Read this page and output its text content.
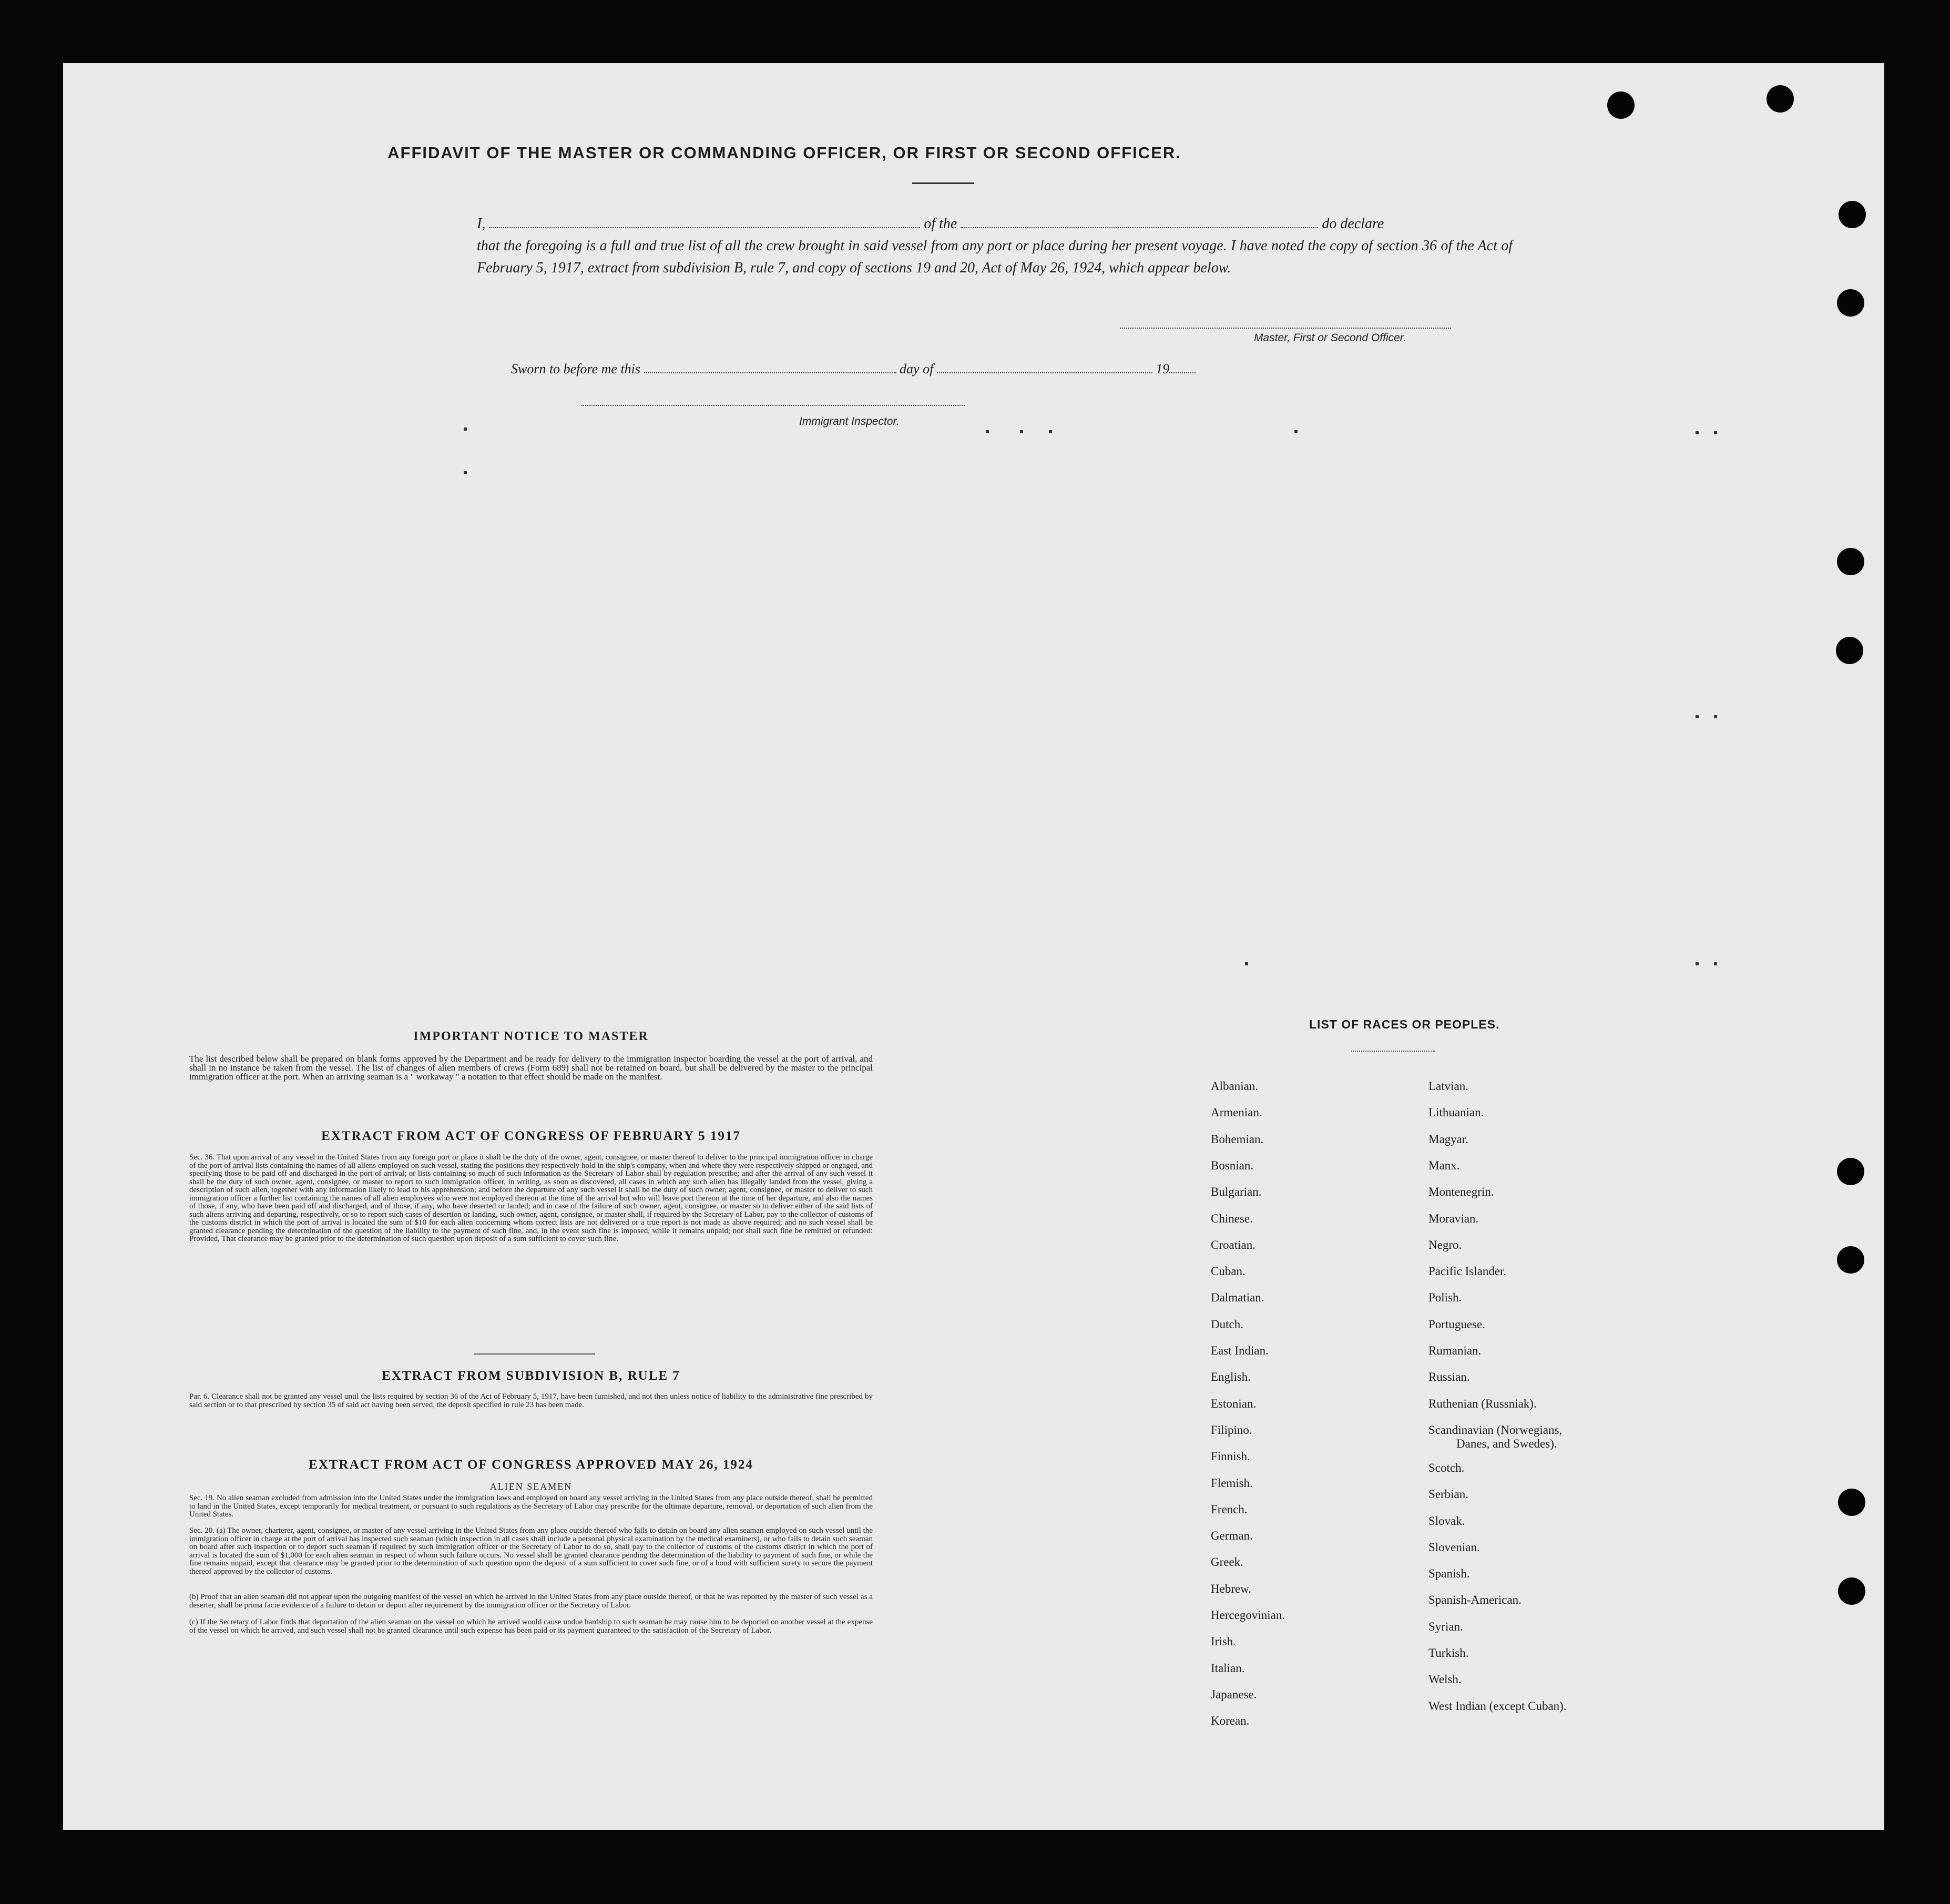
AFFIDAVIT OF THE MASTER OR COMMANDING OFFICER, OR FIRST OR SECOND OFFICER.
I,	of the	do declare
that the foregoing is a full and true list of all the crew brought in said vessel from any port or place during her present voyage. I have noted the copy of section 36 of the Act of February 5, 1917, extract from subdivision B, rule 7, and copy of sections 19 and 20, Act of May 26, 1924, which appear below.
Master, First or Second Officer.
Sworn to before me this	day of	19
Immigrant Inspector.
IMPORTANT NOTICE TO MASTER
The list described below shall be prepared on blank forms approved by the Department and be ready for delivery to the immigration inspector boarding the vessel at the port of arrival, and shall in no instance be taken from the vessel. The list of changes of alien members of crews (Form 689) shall not be retained on board, but shall be delivered by the master to the principal immigration officer at the port. When an arriving seaman is a " workaway " a notation to that effect should be made on the manifest.
EXTRACT FROM ACT OF CONGRESS OF FEBRUARY 5 1917
Sec. 36. That upon arrival of any vessel in the United States from any foreign port or place it shall be the duty of the owner, agent, consignee, or master thereof to deliver to the principal immigration officer in charge of the port of arrival lists containing the names of all aliens employed on such vessel, stating the positions they respectively hold in the ship's company, when and where they were respectively shipped or engaged, and specifying those to be paid off and discharged in the port of arrival; or lists containing so much of such information as the Secretary of Labor shall by regulation prescribe; and after the arrival of any such vessel it shall be the duty of such owner, agent, consignee, or master to report to such immigration officer, in writing, as soon as discovered, all cases in which any such alien has illegally landed from the vessel, giving a description of such alien, together with any information likely to lead to his apprehension; and before the departure of any such vessel it shall be the duty of such owner, agent, consignee, or master to deliver to such immigration officer a further list containing the names of all alien employees who were not employed thereon at the time of the arrival but who will leave port thereon at the time of her departure, and also the names of those, if any, who have been paid off and discharged, and of those, if any, who have deserted or landed; and in case of the failure of such owner, agent, consignee, or master so to deliver either of the said lists of such aliens arriving and departing, respectively, or so to report such cases of desertion or landing, such owner, agent, consignee, or master shall, if required by the Secretary of Labor, pay to the collector of customs of the customs district in which the port of arrival is located the sum of $10 for each alien concerning whom correct lists are not delivered or a true report is not made as above required; and no such vessel shall be granted clearance pending the determination of the question of the liability to the payment of such fine, and, in the event such fine is imposed, while it remains unpaid; nor shall such fine be remitted or refunded: Provided, That clearance may be granted prior to the determination of such question upon deposit of a sum sufficient to cover such fine.
EXTRACT FROM SUBDIVISION B, RULE 7
Par. 6. Clearance shall not be granted any vessel until the lists required by section 36 of the Act of February 5, 1917, have been furnished, and not then unless notice of liability to the administrative fine prescribed by said section or to that prescribed by section 35 of said act having been served, the deposit specified in rule 23 has been made.
EXTRACT FROM ACT OF CONGRESS APPROVED MAY 26, 1924
ALIEN SEAMEN
Sec. 19. No alien seaman excluded from admission into the United States under the immigration laws and employed on board any vessel arriving in the United States from any place outside thereof, shall be permitted to land in the United States, except temporarily for medical treatment, or pursuant to such regulations as the Secretary of Labor may prescribe for the ultimate departure, removal, or deportation of such alien from the United States.
Sec. 20. (a) The owner, charterer, agent, consignee, or master of any vessel arriving in the United States from any place outside thereof who fails to detain on board any alien seaman employed on such vessel until the immigration officer in charge at the port of arrival has inspected such seaman (which inspection in all cases shall include a personal physical examination by the medical examiners), or who fails to detain such seaman on board after such inspection or to deport such seaman if required by such immigration officer or the Secretary of Labor to do so, shall pay to the collector of customs of the customs district in which the port of arrival is located the sum of $1,000 for each alien seaman in respect of whom such failure occurs. No vessel shall be granted clearance pending the determination of the liability to payment of such fine, or while the fine remains unpaid, except that clearance may be granted prior to the determination of such question upon the deposit of a sum sufficient to cover such fine, or of a bond with sufficient surety to secure the payment thereof approved by the collector of customs.
(b) Proof that an alien seaman did not appear upon the outgoing manifest of the vessel on which he arrived in the United States from any place outside thereof, or that he was reported by the master of such vessel as a deserter, shall be prima facie evidence of a failure to detain or deport after requirement by the immigration officer or the Secretary of Labor.
(c) If the Secretary of Labor finds that deportation of the alien seaman on the vessel on which he arrived would cause undue hardship to such seaman he may cause him to be deported on another vessel at the expense of the vessel on which he arrived, and such vessel shall not be granted clearance until such expense has been paid or its payment guaranteed to the satisfaction of the Secretary of Labor.
LIST OF RACES OR PEOPLES.
Albanian.
Armenian.
Bohemian.
Bosnian.
Bulgarian.
Chinese.
Croatian.
Cuban.
Dalmatian.
Dutch.
East Indian.
English.
Estonian.
Filipino.
Finnish.
Flemish.
French.
German.
Greek.
Hebrew.
Hercegovinian.
Irish.
Italian.
Japanese.
Korean.
Latvian.
Lithuanian.
Magyar.
Manx.
Montenegrin.
Moravian.
Negro.
Pacific Islander.
Polish.
Portuguese.
Rumanian.
Russian.
Ruthenian (Russniak).
Scandinavian (Norwegians,
Danes, and Swedes).
Scotch.
Serbian.
Slovak.
Slovenian.
Spanish.
Spanish-American.
Syrian.
Turkish.
Welsh.
West Indian (except Cuban).
